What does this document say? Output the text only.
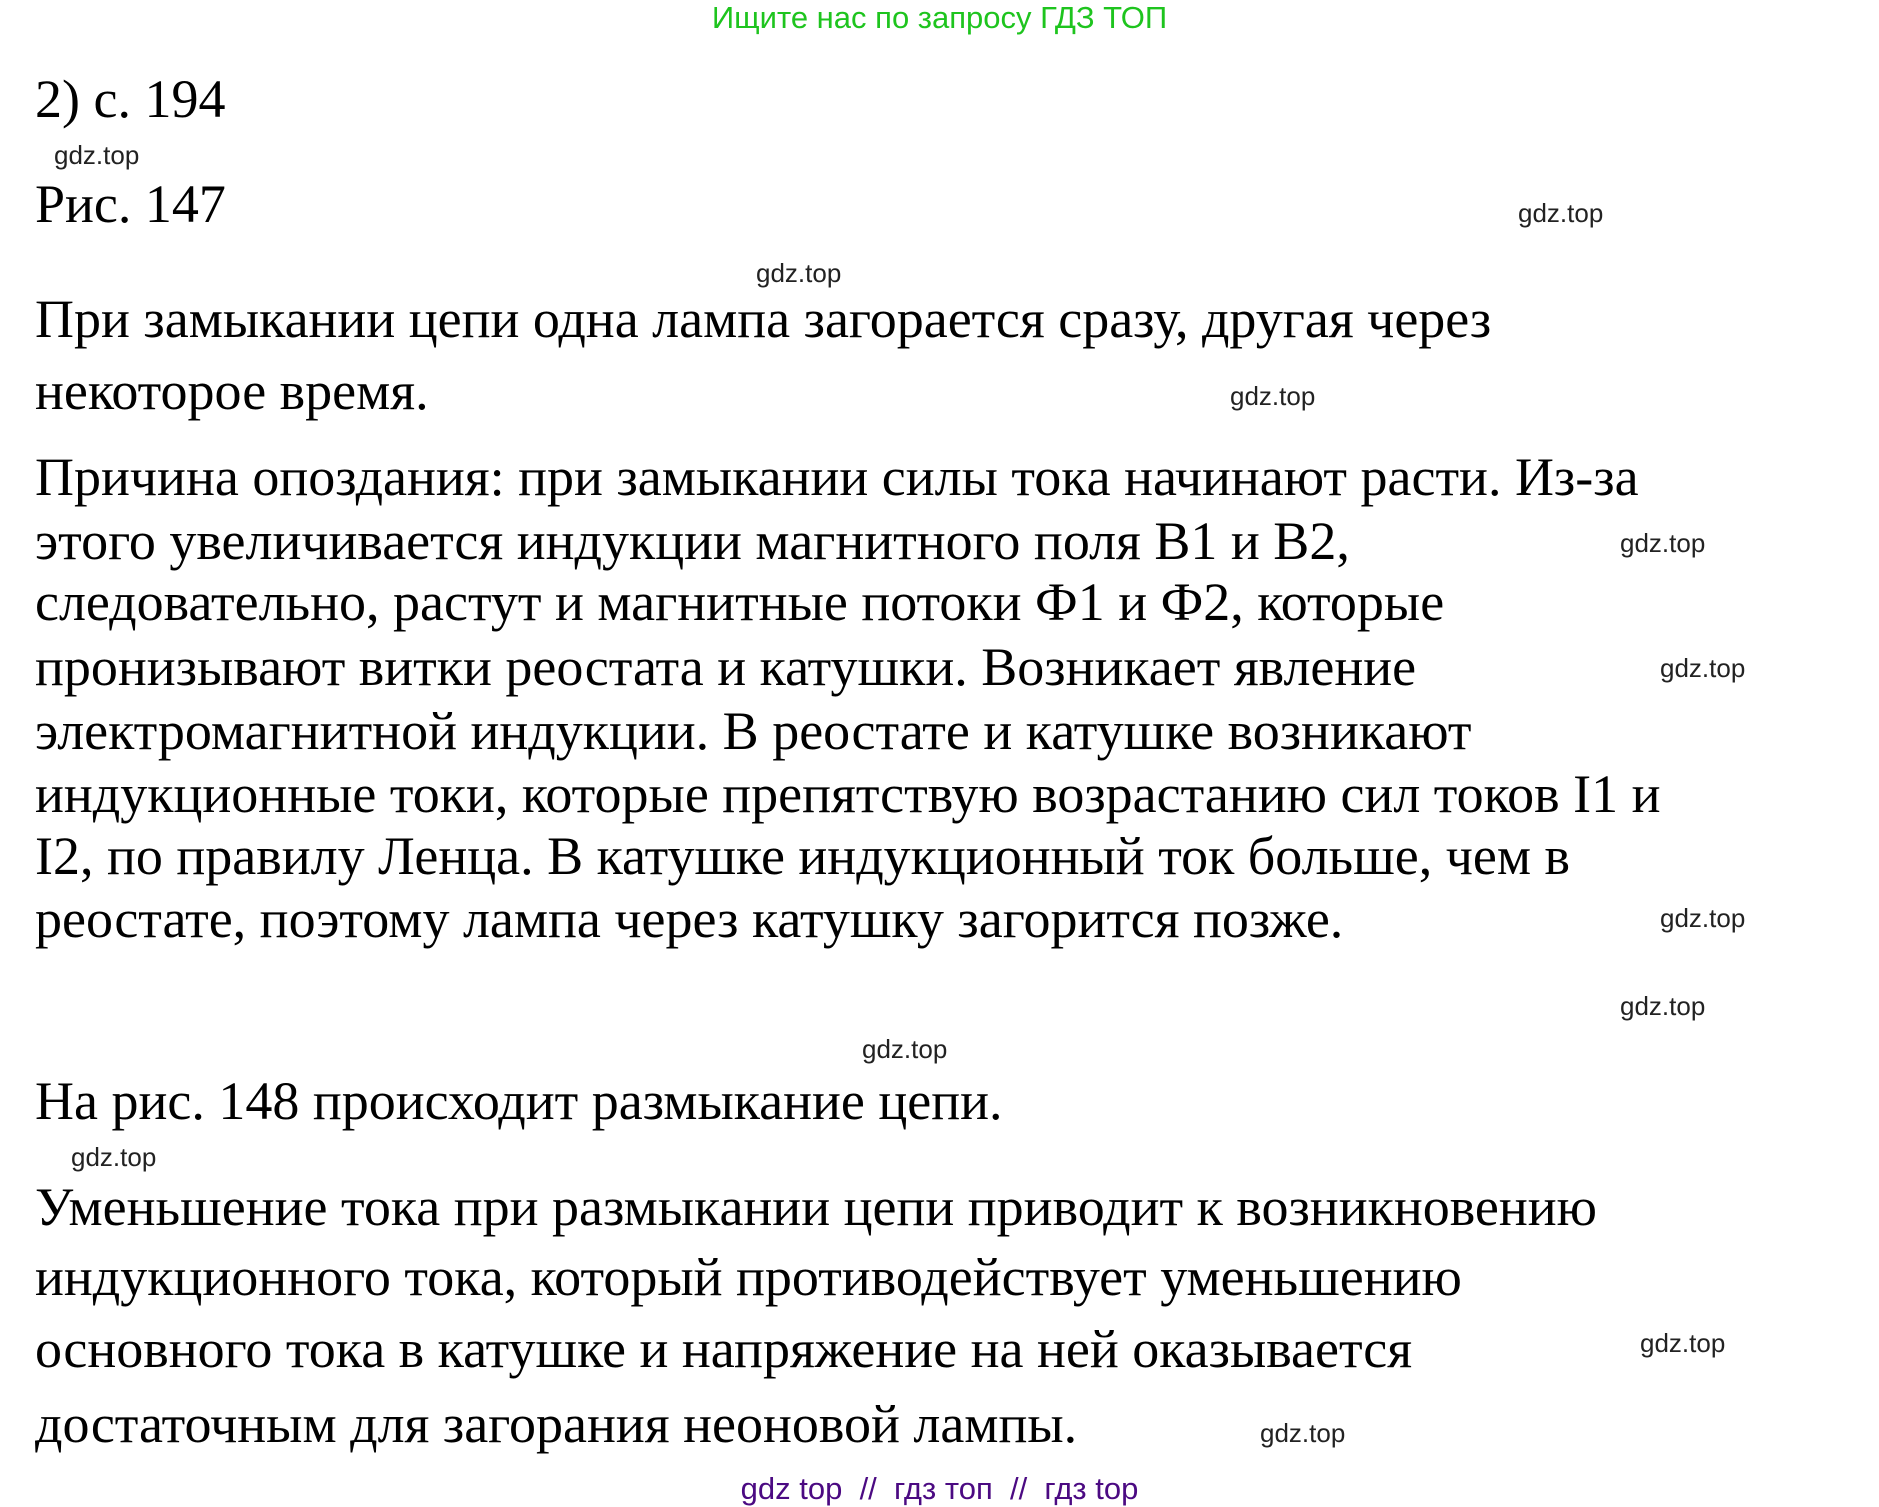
Ищите нас по запросу ГДЗ ТОП

2) с. 194

Рис. 147

При замыкании цепи одна лампа загорается сразу, другая через

некоторое время.

Причина опоздания: при замыкании силы тока начинают расти. Из-за

этого увеличивается индукции магнитного поля B1 и B2,

следовательно, растут и магнитные потоки Ф1 и Ф2, которые

пронизывают витки реостата и катушки. Возникает явление

электромагнитной индукции. В реостате и катушке возникают

индукционные токи, которые препятствую возрастанию сил токов I1 и

I2, по правилу Ленца. В катушке индукционный ток больше, чем в

реостате, поэтому лампа через катушку загорится позже.

На рис. 148 происходит размыкание цепи.

Уменьшение тока при размыкании цепи приводит к возникновению

индукционного тока, который противодействует уменьшению

основного тока в катушке и напряжение на ней оказывается

достаточным для загорания неоновой лампы.

gdz.top
gdz.top
gdz.top
gdz.top
gdz.top
gdz.top
gdz.top
gdz.top
gdz.top
gdz.top
gdz.top
gdz.top
gdz top  //  гдз топ  //  гдз top
